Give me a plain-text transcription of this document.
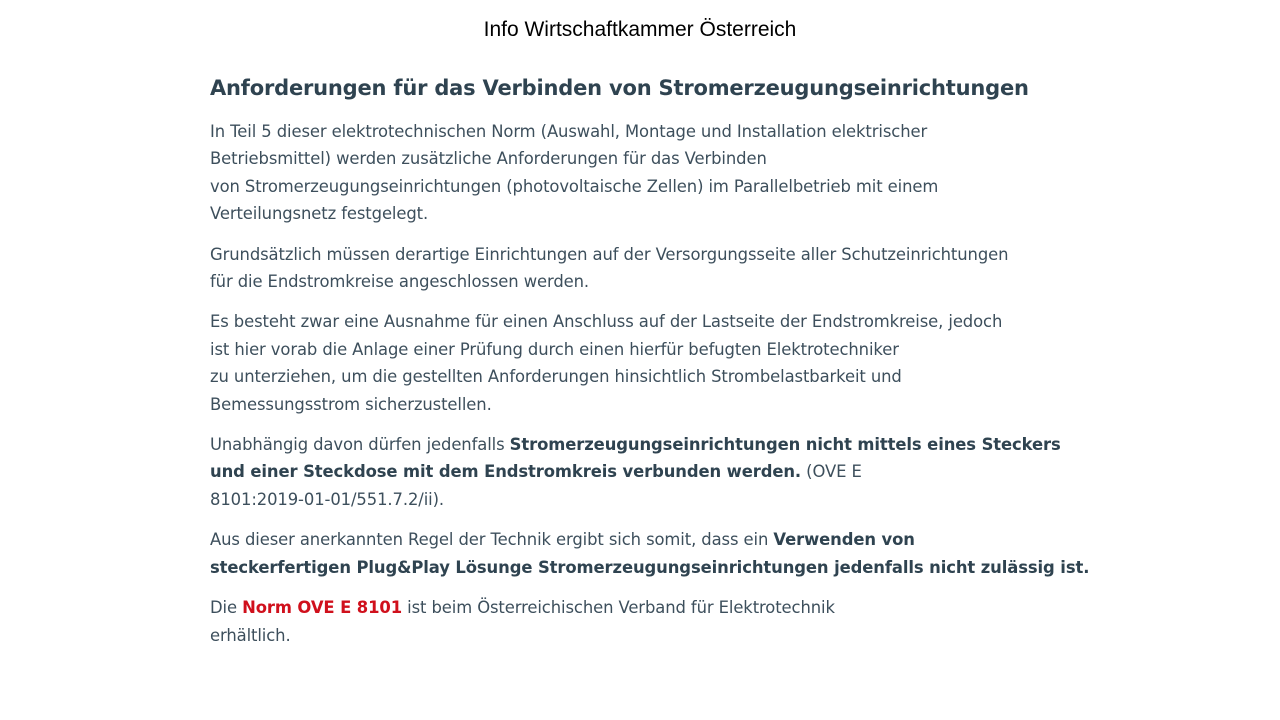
Info Wirtschaftkammer Österreich
Anforderungen für das Verbinden von Stromerzeugungseinrichtungen

In Teil 5 dieser elektrotechnischen Norm (Auswahl, Montage und Installation elektrischer
Betriebsmittel) werden zusätzliche Anforderungen für das Verbinden
von Stromerzeugungseinrichtungen (photovoltaische Zellen) im Parallelbetrieb mit einem
Verteilungsnetz festgelegt.

Grundsätzlich müssen derartige Einrichtungen auf der Versorgungsseite aller Schutzeinrichtungen
für die Endstromkreise angeschlossen werden.

Es besteht zwar eine Ausnahme für einen Anschluss auf der Lastseite der Endstromkreise, jedoch
ist hier vorab die Anlage einer Prüfung durch einen hierfür befugten Elektrotechniker
zu unterziehen, um die gestellten Anforderungen hinsichtlich Strombelastbarkeit und
Bemessungsstrom sicherzustellen.

Unabhängig davon dürfen jedenfalls Stromerzeugungseinrichtungen nicht mittels eines Steckers
und einer Steckdose mit dem Endstromkreis verbunden werden. (OVE E
8101:2019-01-01/551.7.2/ii).

Aus dieser anerkannten Regel der Technik ergibt sich somit, dass ein Verwenden von
steckerfertigen Plug&Play Lösunge Stromerzeugungseinrichtungen jedenfalls nicht zulässig ist.

Die Norm OVE E 8101 ist beim Österreichischen Verband für Elektrotechnik
erhältlich.
